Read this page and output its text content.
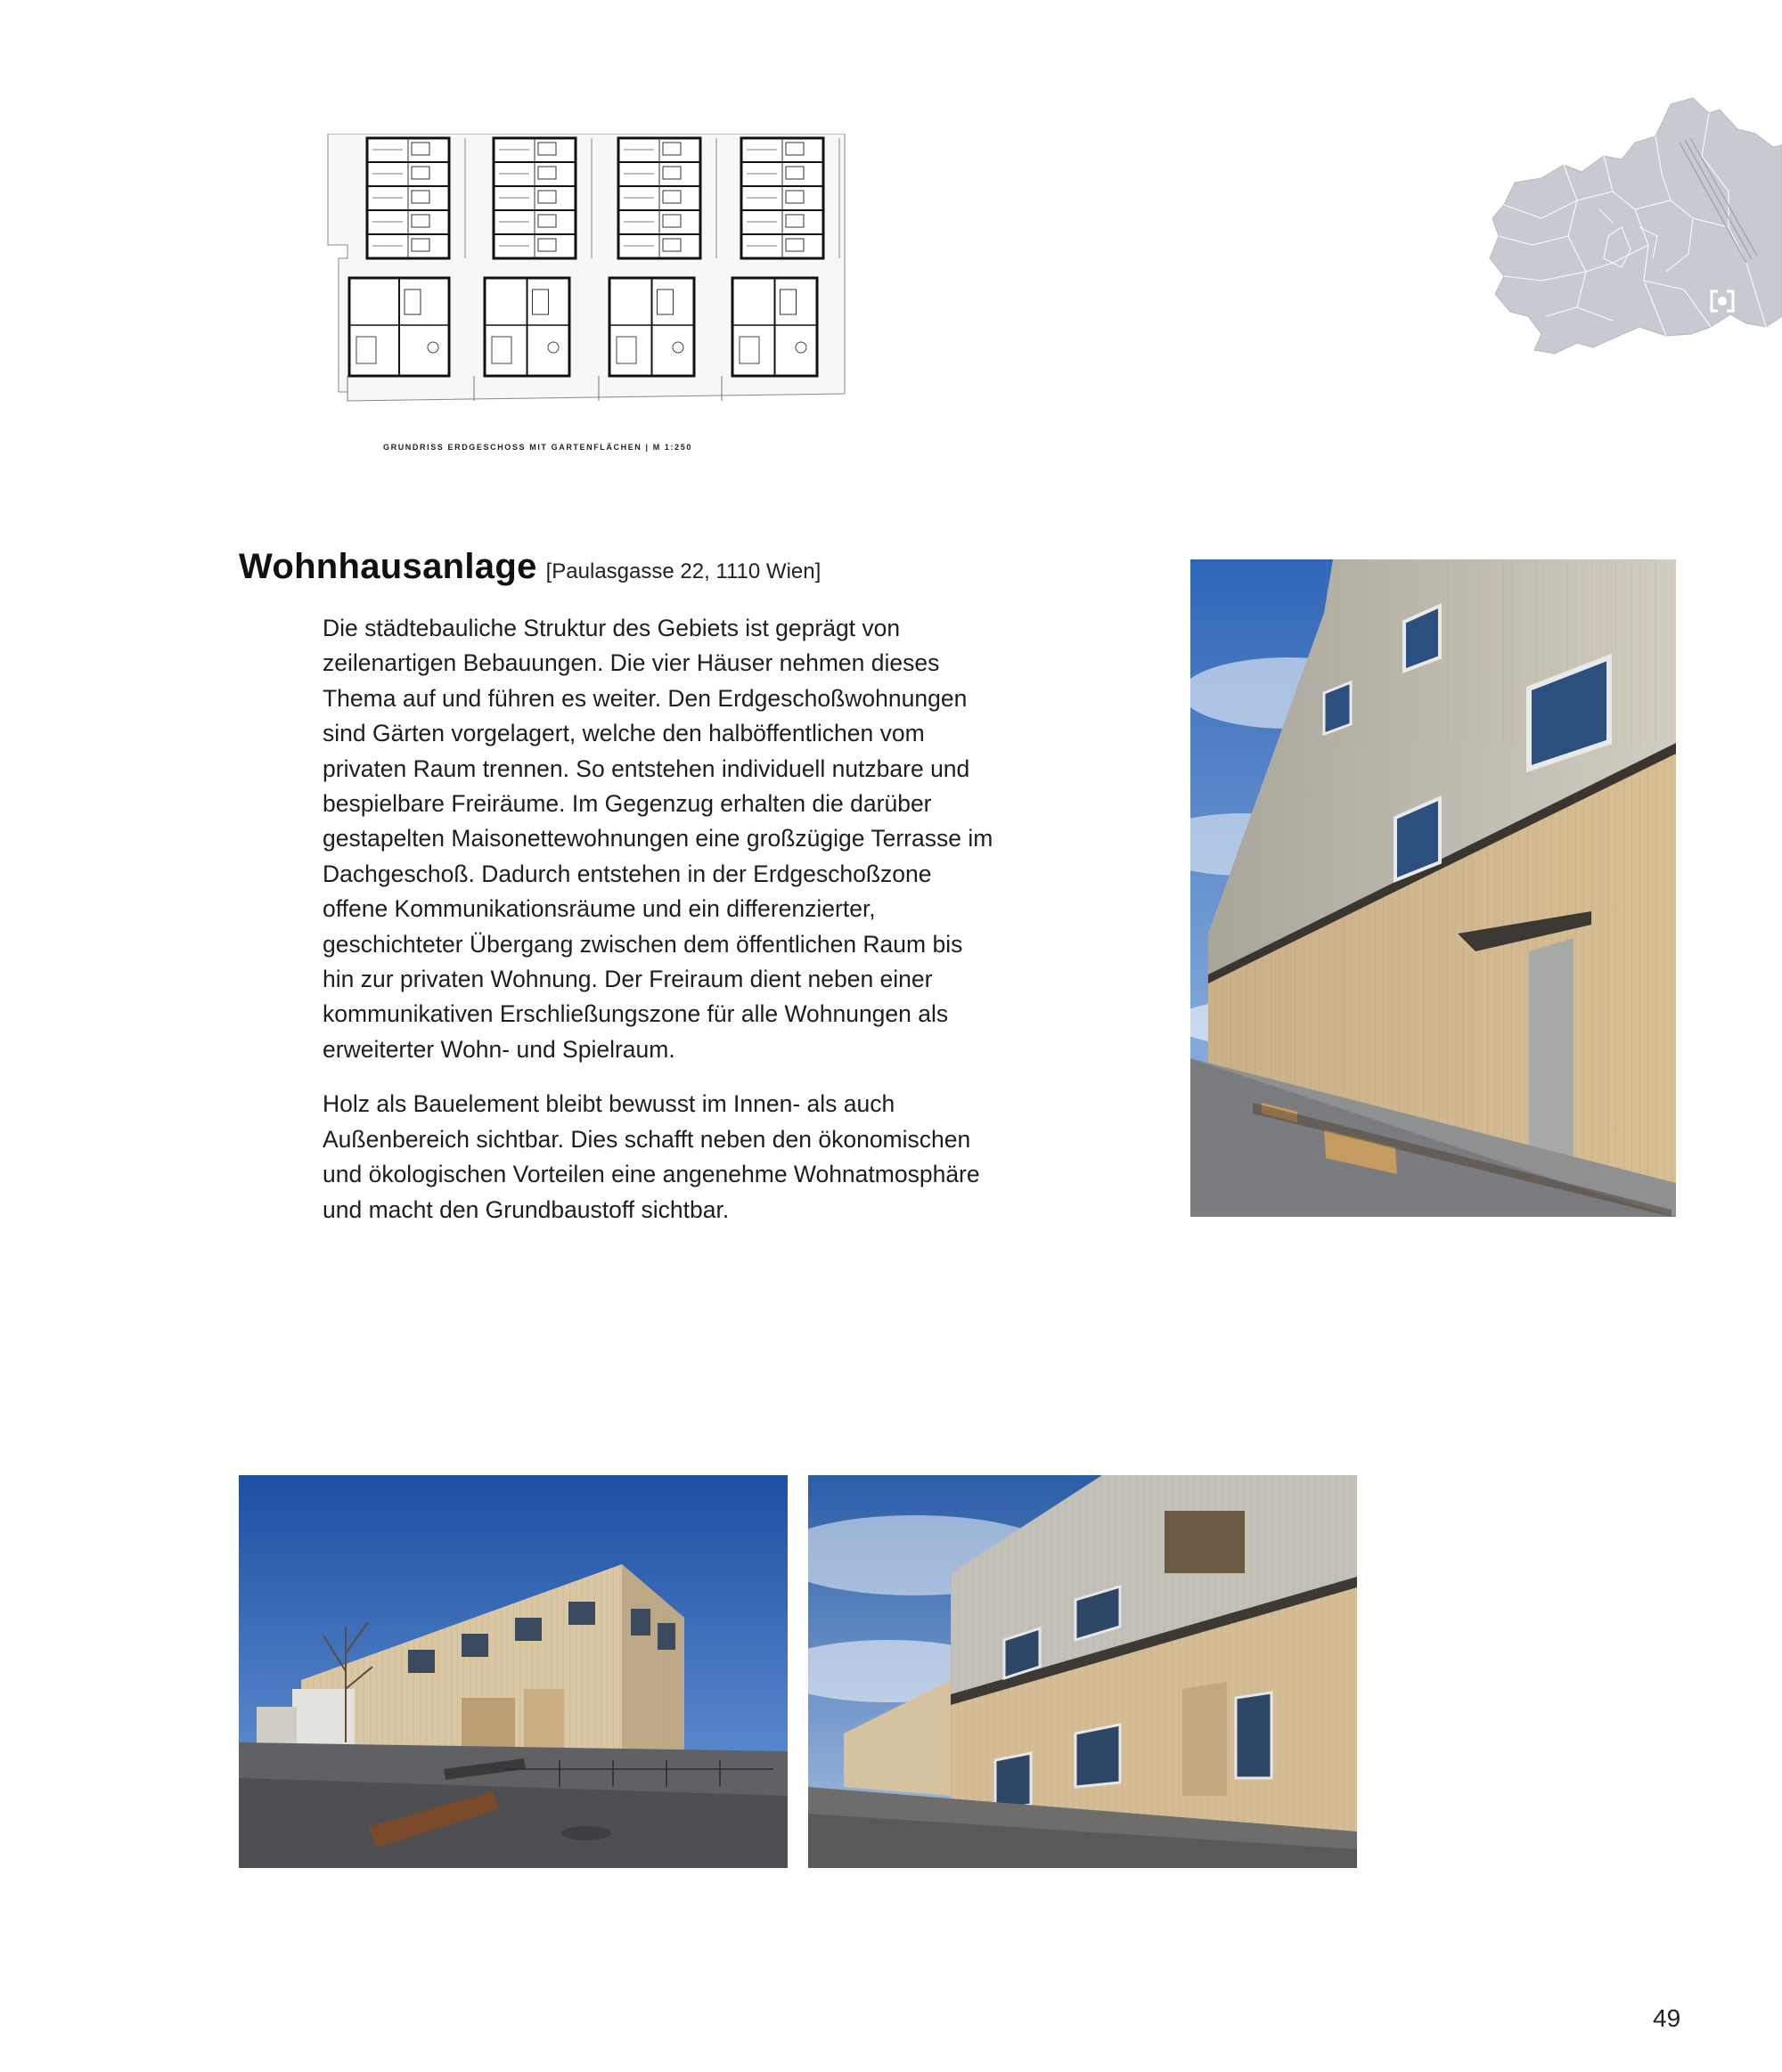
GRUNDRISS ERDGESCHOSS MIT GARTENFLÄCHEN | M 1:250
Wohnhausanlage [Paulasgasse 22, 1110 Wien]

Die städtebauliche Struktur des Gebiets ist geprägt von zeilenartigen Bebauungen. Die vier Häuser nehmen dieses Thema auf und führen es weiter. Den Erdgeschoßwohnungen sind Gärten vorgelagert, welche den halböffentlichen vom privaten Raum trennen. So entstehen individuell nutzbare und bespielbare Freiräume. Im Gegenzug erhalten die darüber gestapelten Maisonettewohnungen eine großzügige Terrasse im Dachgeschoß. Dadurch entstehen in der Erdgeschoßzone offene Kommunikationsräume und ein differenzierter, geschichteter Übergang zwischen dem öffentlichen Raum bis hin zur privaten Wohnung. Der Freiraum dient neben einer kommunikativen Erschließungszone für alle Wohnungen als erweiterter Wohn- und Spielraum.

Holz als Bauelement bleibt bewusst im Innen- als auch Außenbereich sichtbar. Dies schafft neben den ökonomischen und ökologischen Vorteilen eine angenehme Wohnatmosphäre und macht den Grundbaustoff sichtbar.

49
